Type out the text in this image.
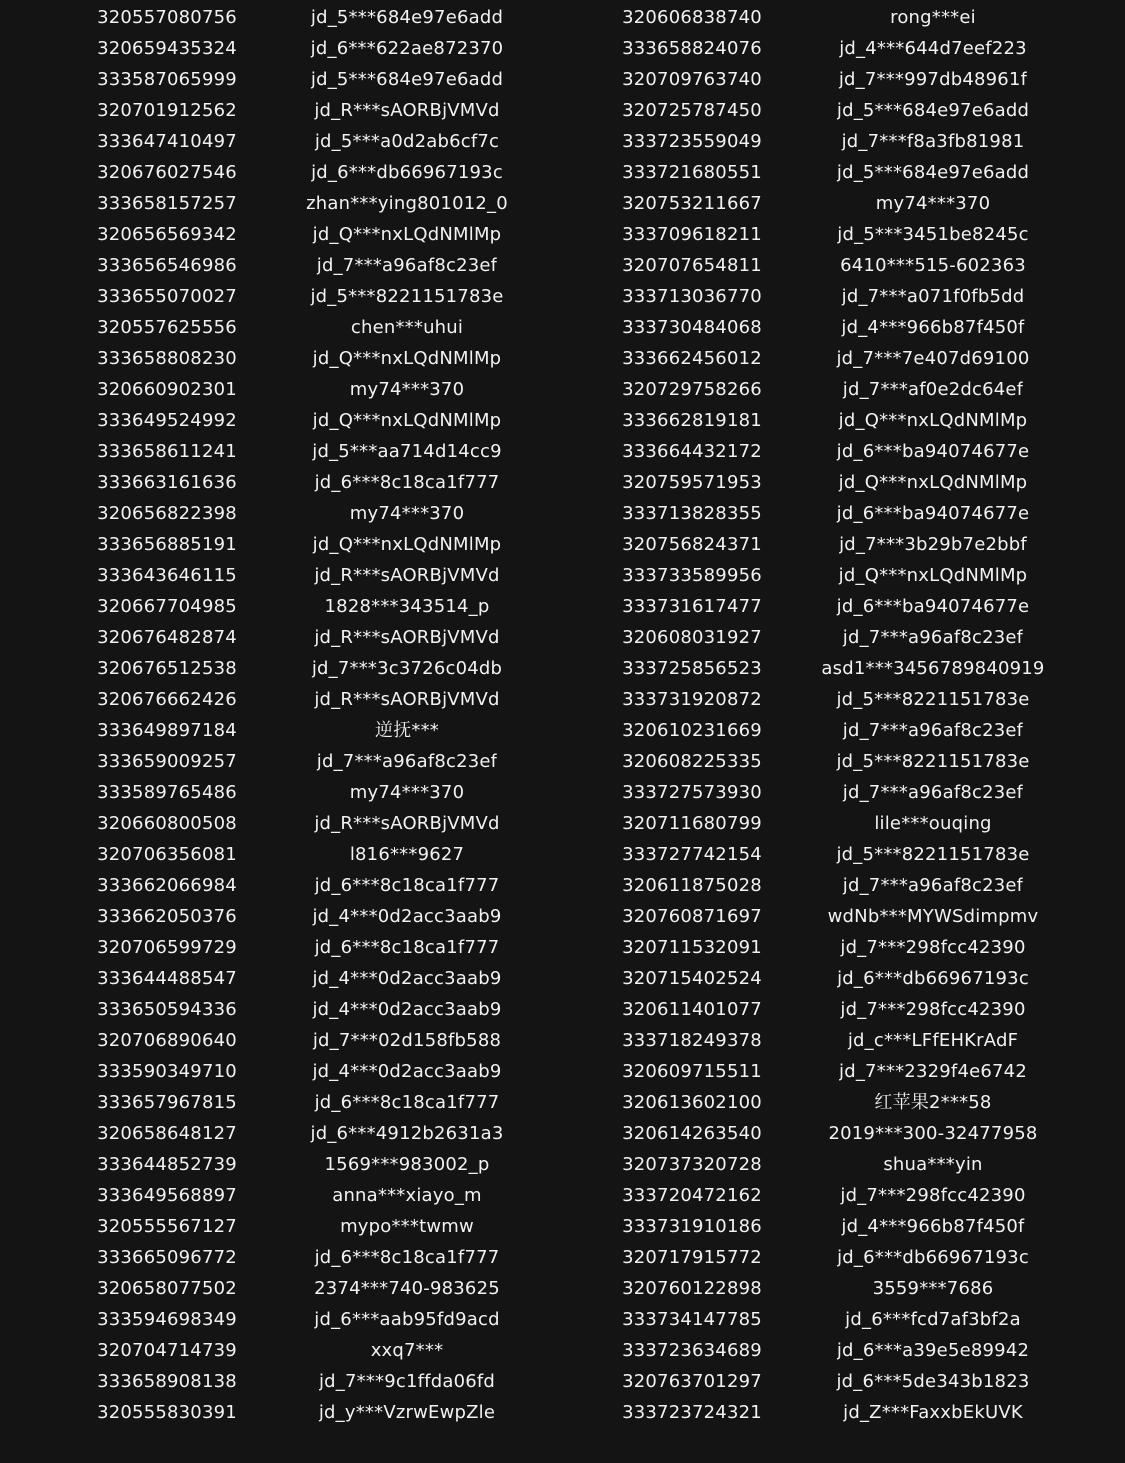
320557080756	jd_5***684e97e6add	320606838740	rong***ei
320659435324	jd_6***622ae872370	333658824076	jd_4***644d7eef223
333587065999	jd_5***684e97e6add	320709763740	jd_7***997db48961f
320701912562	jd_R***sAORBjVMVd	320725787450	jd_5***684e97e6add
333647410497	jd_5***a0d2ab6cf7c	333723559049	jd_7***f8a3fb81981
320676027546	jd_6***db66967193c	333721680551	jd_5***684e97e6add
333658157257	zhan***ying801012_0	320753211667	my74***370
320656569342	jd_Q***nxLQdNMlMp	333709618211	jd_5***3451be8245c
333656546986	jd_7***a96af8c23ef	320707654811	6410***515-602363
333655070027	jd_5***8221151783e	333713036770	jd_7***a071f0fb5dd
320557625556	chen***uhui	333730484068	jd_4***966b87f450f
333658808230	jd_Q***nxLQdNMlMp	333662456012	jd_7***7e407d69100
320660902301	my74***370	320729758266	jd_7***af0e2dc64ef
333649524992	jd_Q***nxLQdNMlMp	333662819181	jd_Q***nxLQdNMlMp
333658611241	jd_5***aa714d14cc9	333664432172	jd_6***ba94074677e
333663161636	jd_6***8c18ca1f777	320759571953	jd_Q***nxLQdNMlMp
320656822398	my74***370	333713828355	jd_6***ba94074677e
333656885191	jd_Q***nxLQdNMlMp	320756824371	jd_7***3b29b7e2bbf
333643646115	jd_R***sAORBjVMVd	333733589956	jd_Q***nxLQdNMlMp
320667704985	1828***343514_p	333731617477	jd_6***ba94074677e
320676482874	jd_R***sAORBjVMVd	320608031927	jd_7***a96af8c23ef
320676512538	jd_7***3c3726c04db	333725856523	asd1***3456789840919
320676662426	jd_R***sAORBjVMVd	333731920872	jd_5***8221151783e
333649897184	逆抚***	320610231669	jd_7***a96af8c23ef
333659009257	jd_7***a96af8c23ef	320608225335	jd_5***8221151783e
333589765486	my74***370	333727573930	jd_7***a96af8c23ef
320660800508	jd_R***sAORBjVMVd	320711680799	lile***ouqing
320706356081	l816***9627	333727742154	jd_5***8221151783e
333662066984	jd_6***8c18ca1f777	320611875028	jd_7***a96af8c23ef
333662050376	jd_4***0d2acc3aab9	320760871697	wdNb***MYWSdimpmv
320706599729	jd_6***8c18ca1f777	320711532091	jd_7***298fcc42390
333644488547	jd_4***0d2acc3aab9	320715402524	jd_6***db66967193c
333650594336	jd_4***0d2acc3aab9	320611401077	jd_7***298fcc42390
320706890640	jd_7***02d158fb588	333718249378	jd_c***LFfEHKrAdF
333590349710	jd_4***0d2acc3aab9	320609715511	jd_7***2329f4e6742
333657967815	jd_6***8c18ca1f777	320613602100	红苹果2***58
320658648127	jd_6***4912b2631a3	320614263540	2019***300-32477958
333644852739	1569***983002_p	320737320728	shua***yin
333649568897	anna***xiayo_m	333720472162	jd_7***298fcc42390
320555567127	mypo***twmw	333731910186	jd_4***966b87f450f
333665096772	jd_6***8c18ca1f777	320717915772	jd_6***db66967193c
320658077502	2374***740-983625	320760122898	3559***7686
333594698349	jd_6***aab95fd9acd	333734147785	jd_6***fcd7af3bf2a
320704714739	xxq7***	333723634689	jd_6***a39e5e89942
333658908138	jd_7***9c1ffda06fd	320763701297	jd_6***5de343b1823
320555830391	jd_y***VzrwEwpZle	333723724321	jd_Z***FaxxbEkUVK
